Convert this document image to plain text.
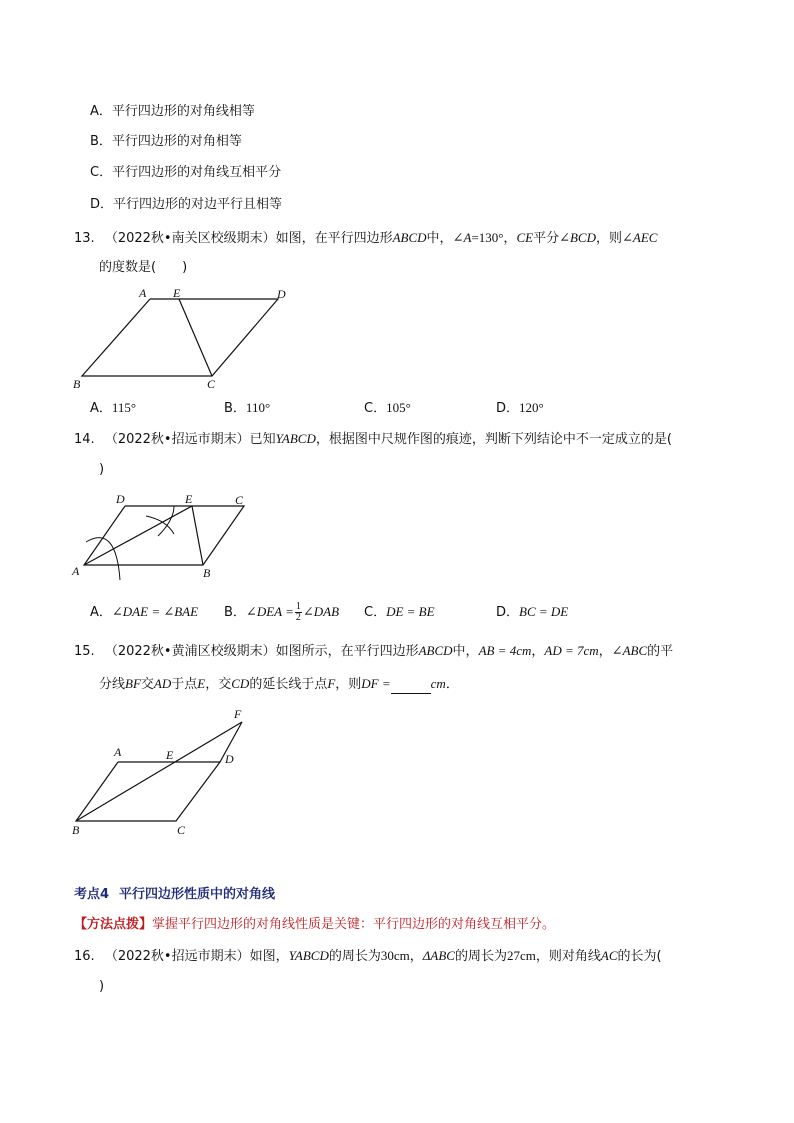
A．平行四边形的对角线相等
B．平行四边形的对角相等
C．平行四边形的对角线互相平分
D．平行四边形的对边平行且相等
13. （2022秋•南关区校级期末）如图，在平行四边形ABCD中，∠A=130°，CE平分∠BCD，则∠AEC
的度数是(　　)
A E	D
B	C
A．115°	B．110°	C．105°	D．120°
14. （2022秋•招远市期末）已知YABCD，根据图中尺规作图的痕迹，判断下列结论中不一定成立的是(
)
D	E	C
A	B
A．∠DAE = ∠BAE B．∠DEA = $\frac{1}{2}$ ∠DAB C．DE = BE	D．BC = DE
15. （2022秋•黄浦区校级期末）如图所示，在平行四边形ABCD中，AB = 4cm，AD = 7cm，∠ABC的平
分线BF交AD于点E，交CD的延长线于点F，则DF =	cm．
F
A	E	D
B	C
考点4 平行四边形性质中的对角线
【方法点拨】掌握平行四边形的对角线性质是关键：平行四边形的对角线互相平分。
16. （2022秋•招远市期末）如图，YABCD的周长为30cm，ΔABC的周长为27cm，则对角线AC的长为(
)
